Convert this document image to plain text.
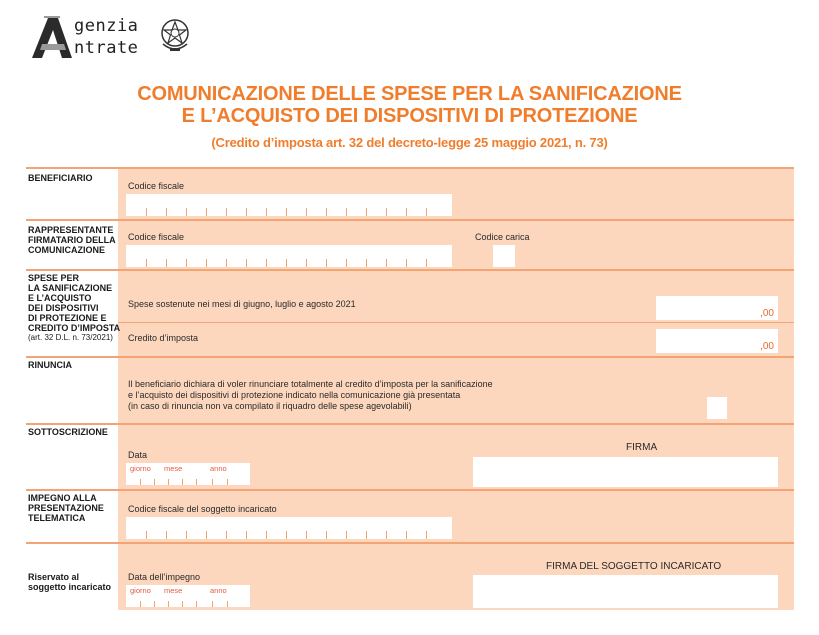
genzia
ntrate
COMUNICAZIONE DELLE SPESE PER LA SANIFICAZIONE
E L’ACQUISTO DEI DISPOSITIVI DI PROTEZIONE
(Credito d’imposta art. 32 del decreto-legge 25 maggio 2021, n. 73)
BENEFICIARIO
Codice fiscale
RAPPRESENTANTE
FIRMATARIO DELLA
COMUNICAZIONE
Codice fiscale	Codice carica
SPESE PER
LA SANIFICAZIONE
E L’ACQUISTO
DEI DISPOSITIVI
DI PROTEZIONE E
CREDITO D’IMPOSTA
(art. 32 D.L. n. 73/2021)
Spese sostenute nei mesi di giugno, luglio e agosto 2021
,00
Credito d’imposta
,00
RINUNCIA
Il beneficiario dichiara di voler rinunciare totalmente al credito d’imposta per la sanificazione
e l’acquisto dei dispositivi di protezione indicato nella comunicazione già presentata
(in caso di rinuncia non va compilato il riquadro delle spese agevolabili)
SOTTOSCRIZIONE
FIRMA
Data
giorno mese	anno
IMPEGNO ALLA
PRESENTAZIONE
TELEMATICA
Codice fiscale del soggetto incaricato
Riservato al
soggetto incaricato
FIRMA DEL SOGGETTO INCARICATO
Data dell’impegno
giorno mese	anno
